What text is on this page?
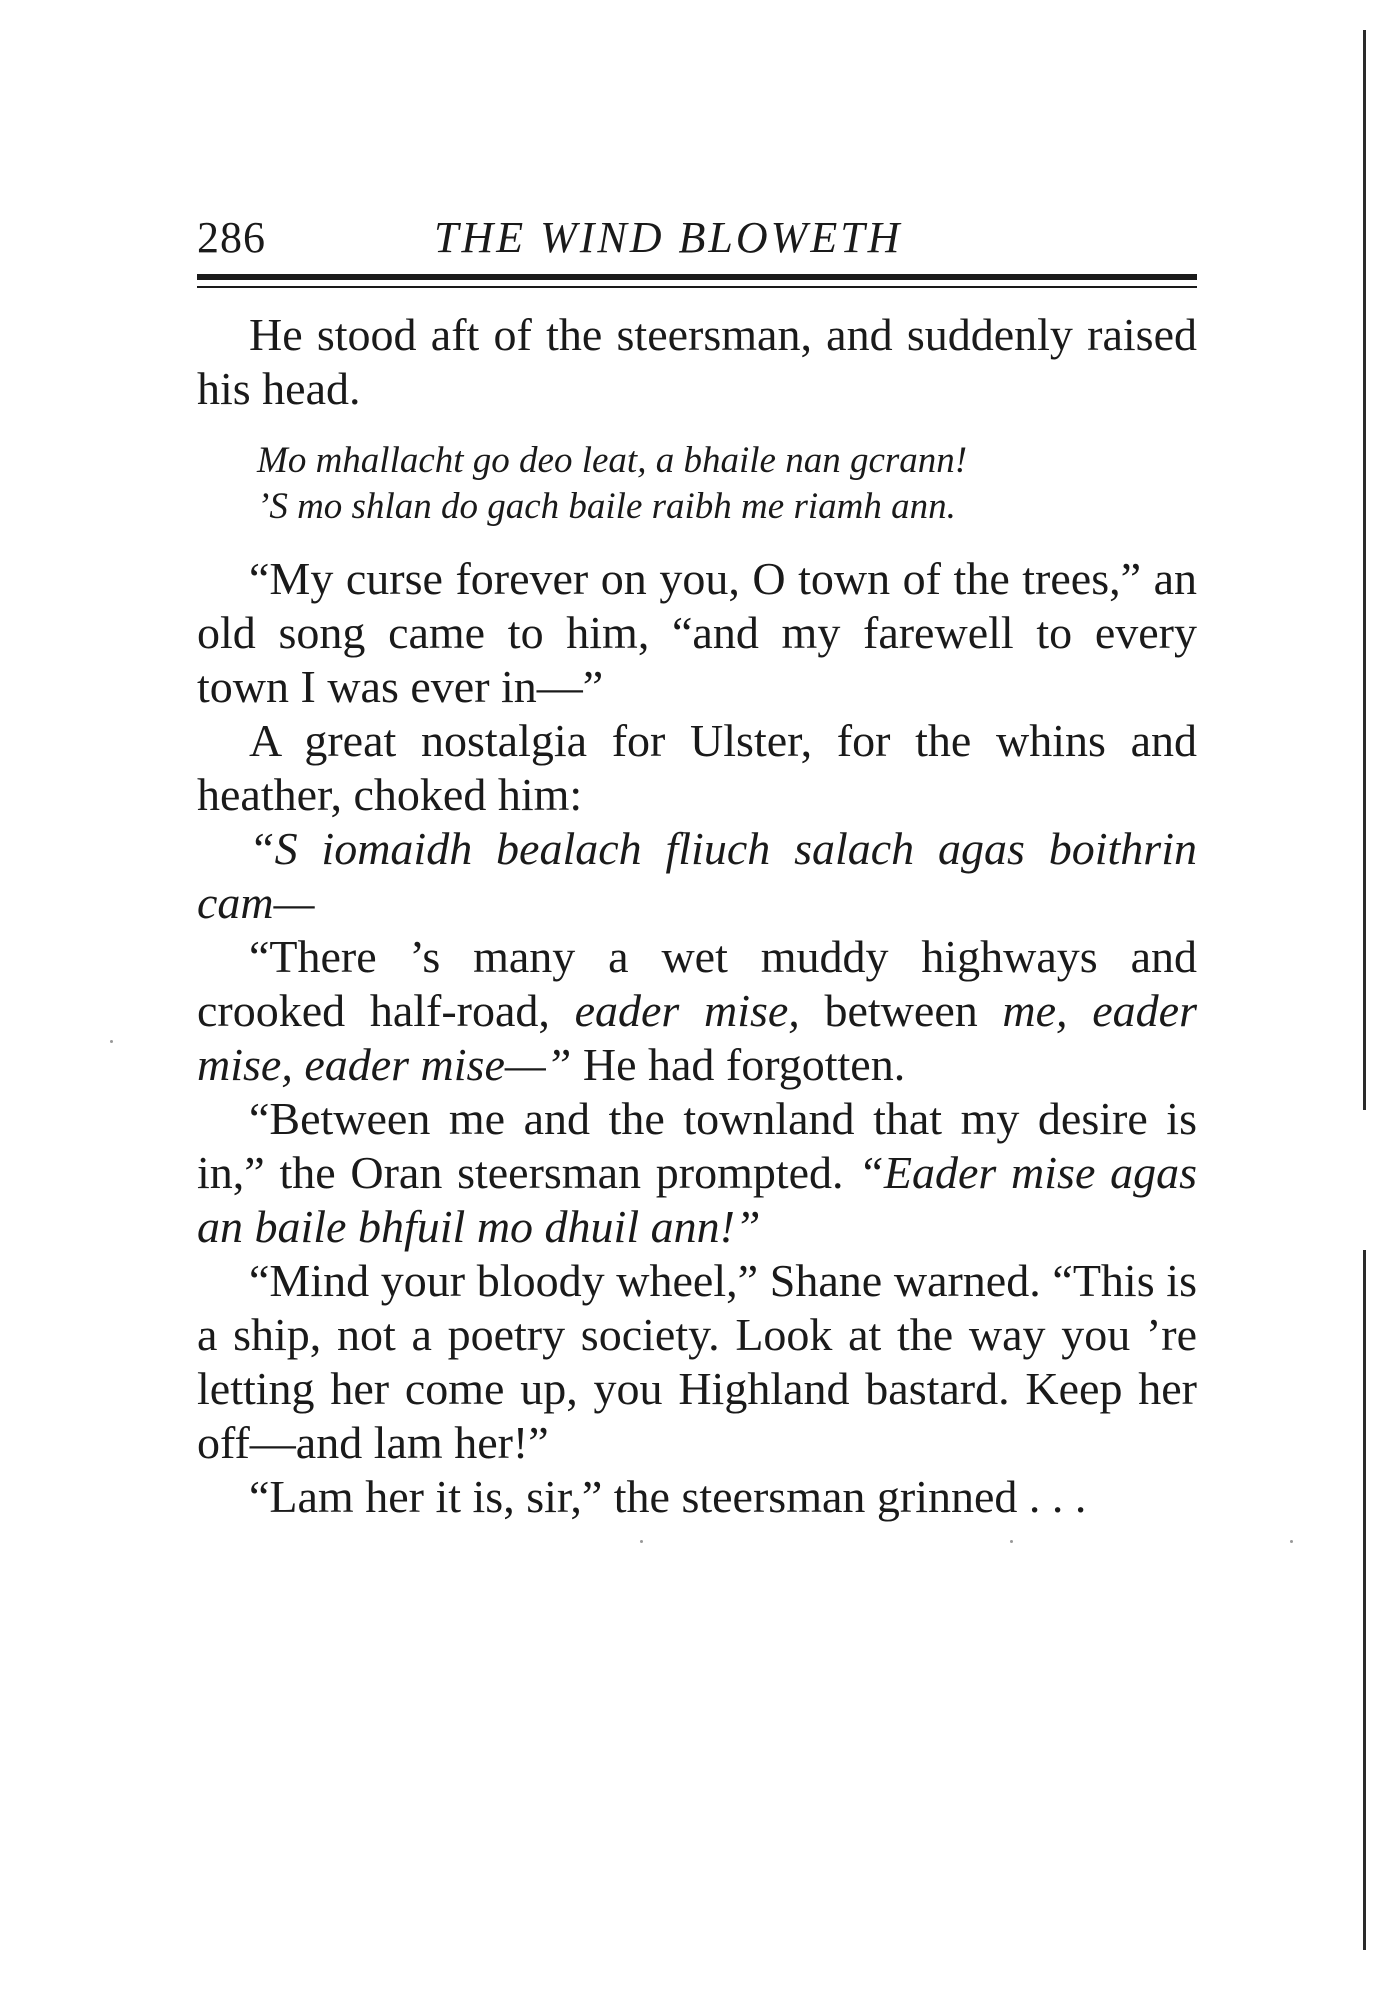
286	THE WIND BLOWETH

He stood aft of the steersman, and suddenly raised his head.

Mo mhallacht go deo leat, a bhaile nan gcrann!
’S mo shlan do gach baile raibh me riamh ann.

“My curse forever on you, O town of the trees,” an old song came to him, “and my farewell to every town I was ever in—”

A great nostalgia for Ulster, for the whins and heather, choked him:

“S iomaidh bealach fliuch salach agas boithrin cam—

“There ’s many a wet muddy highways and crooked half-road, eader mise, between me, eader mise, eader mise—” He had forgotten.

“Between me and the townland that my desire is in,” the Oran steersman prompted. “Eader mise agas an baile bhfuil mo dhuil ann!”

“Mind your bloody wheel,” Shane warned. “This is a ship, not a poetry society. Look at the way you ’re letting her come up, you Highland bastard. Keep her off—and lam her!”

“Lam her it is, sir,” the steersman grinned . . .
